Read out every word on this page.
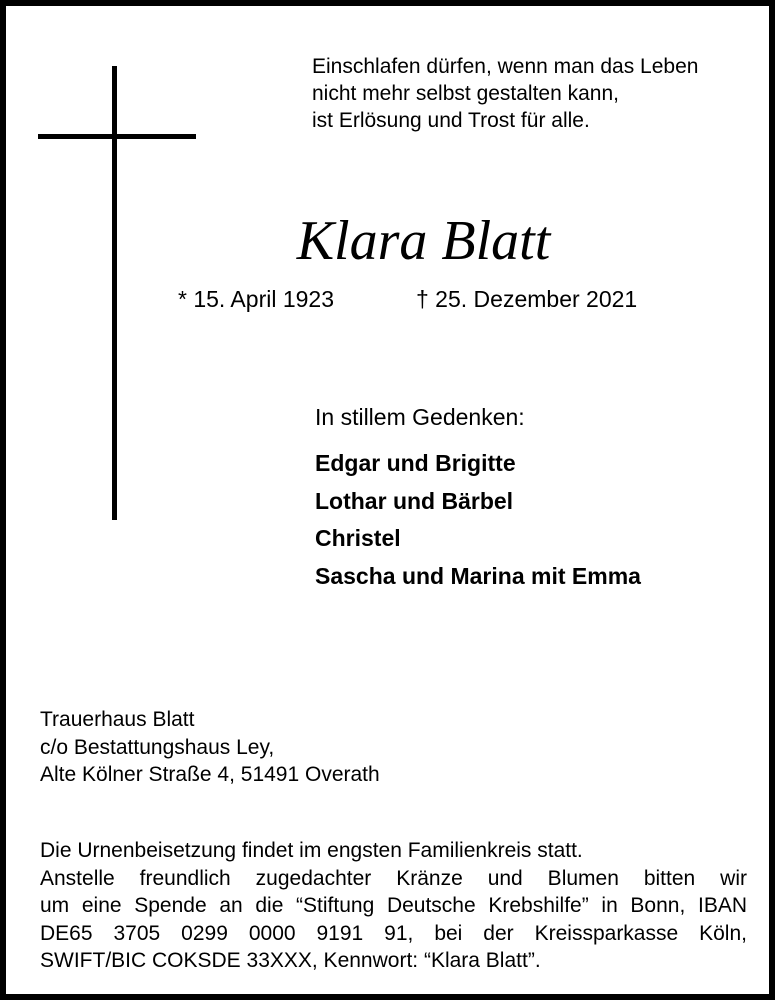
Einschlafen dürfen, wenn man das Leben
nicht mehr selbst gestalten kann,
ist Erlösung und Trost für alle.
Klara Blatt
* 15. April 1923	† 25. Dezember 2021
In stillem Gedenken:
Edgar und Brigitte
Lothar und Bärbel
Christel
Sascha und Marina mit Emma
Trauerhaus Blatt
c/o Bestattungshaus Ley,
Alte Kölner Straße 4, 51491 Overath
Die Urnenbeisetzung findet im engsten Familienkreis statt.
Anstelle freundlich zugedachter Kränze und Blumen bitten wir
um eine Spende an die “Stiftung Deutsche Krebshilfe” in Bonn, IBAN
DE65 3705 0299 0000 9191 91, bei der Kreissparkasse Köln,
SWIFT/BIC COKSDE 33XXX, Kennwort: “Klara Blatt”.
